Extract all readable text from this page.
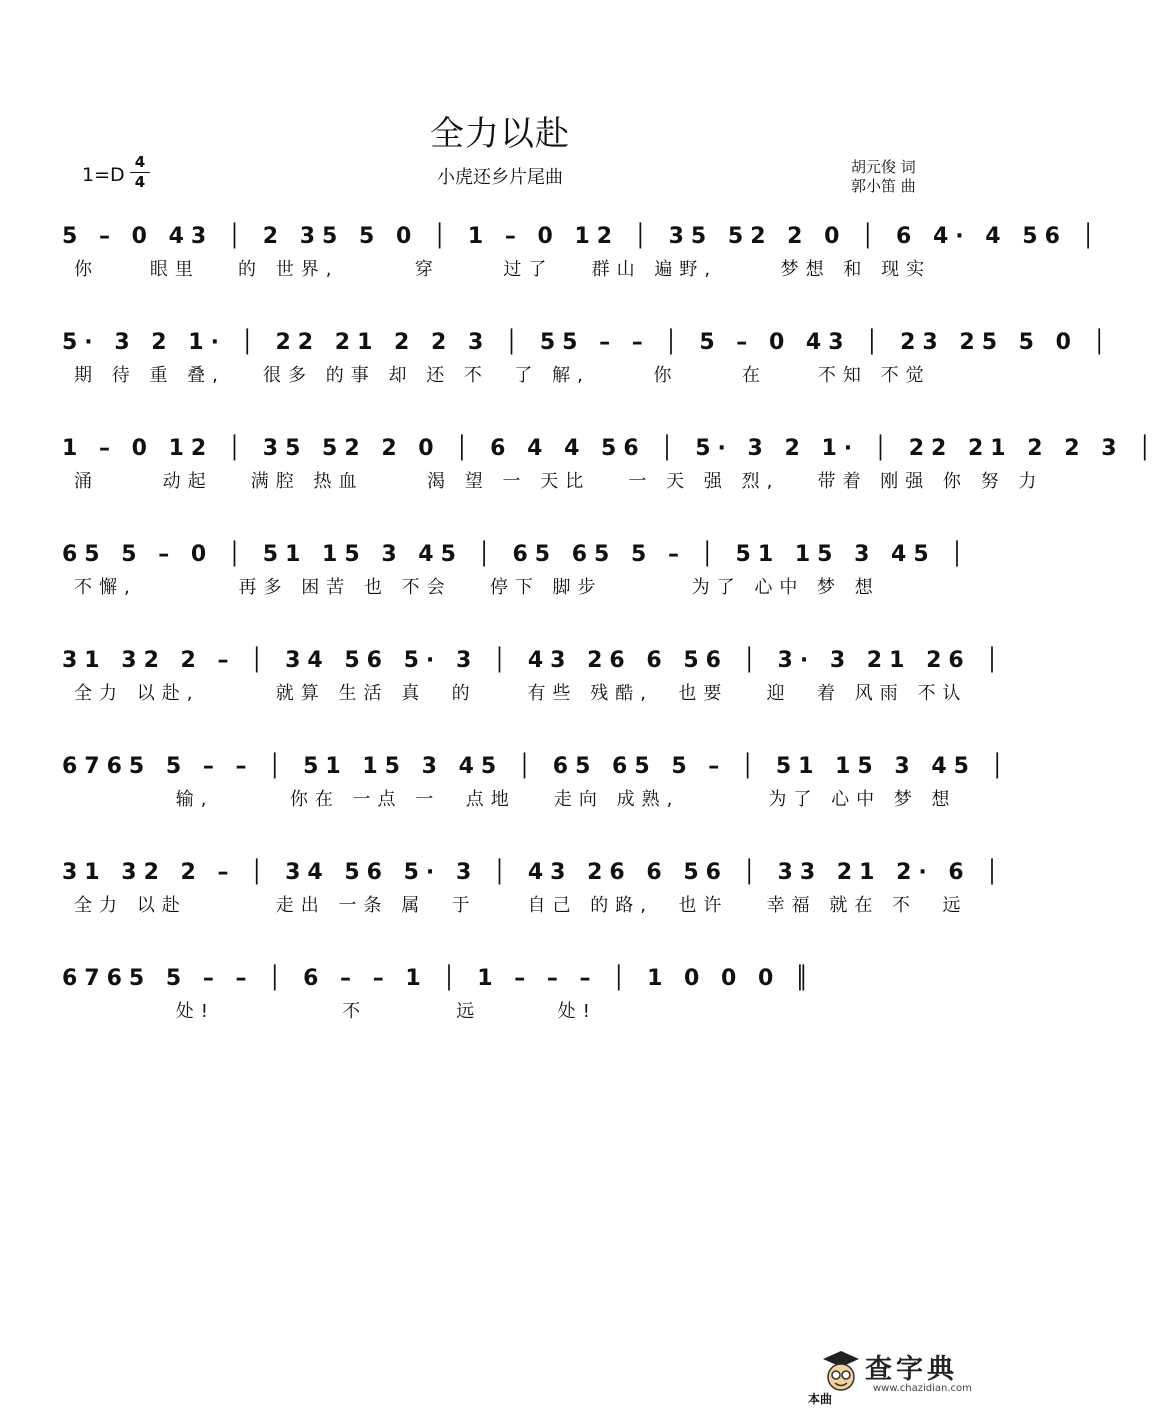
全力以赴
小虎还乡片尾曲
1=D
4
4
胡元俊 词
郭小笛 曲
5 – 0 43 │ 2 35 5 0 │ 1 – 0 12 │ 35 52 2 0 │ 6 4· 4 56 │
你    眼里   的 世界,      穿     过了   群山 遍野,     梦想 和 现实
5· 3 2 1· │ 22 21 2 2 3 │ 55 – – │ 5 – 0 43 │ 23 25 5 0 │
期 待 重 叠,   很多 的事 却 还 不  了 解,     你     在    不知 不觉
1 – 0 12 │ 35 52 2 0 │ 6 4 4 56 │ 5· 3 2 1· │ 22 21 2 2 3 │
涌     动起   满腔 热血     渴 望 一 天比   一 天 强 烈,   带着 刚强 你 努 力
65 5 – 0 │ 51 15 3 45 │ 65 65 5 – │ 51 15 3 45 │
不懈,        再多 困苦 也 不会   停下 脚步       为了 心中 梦 想
31 32 2 – │ 34 56 5· 3 │ 43 26 6 56 │ 3· 3 21 26 │
全力 以赴,      就算 生活 真  的    有些 残酷,  也要   迎  着 风雨 不认
6765 5 – – │ 51 15 3 45 │ 65 65 5 – │ 51 15 3 45 │
输,      你在 一点 一  点地   走向 成熟,       为了 心中 梦 想
31 32 2 – │ 34 56 5· 3 │ 43 26 6 56 │ 33 21 2· 6 │
全力 以赴       走出 一条 属  于    自己 的路,  也许   幸福 就在 不  远
6765 5 – – │ 6 – – 1 │ 1 – – – │ 1 0 0 0 ║
处!          不       远      处!
本曲
查字典
www.chazidian.com
